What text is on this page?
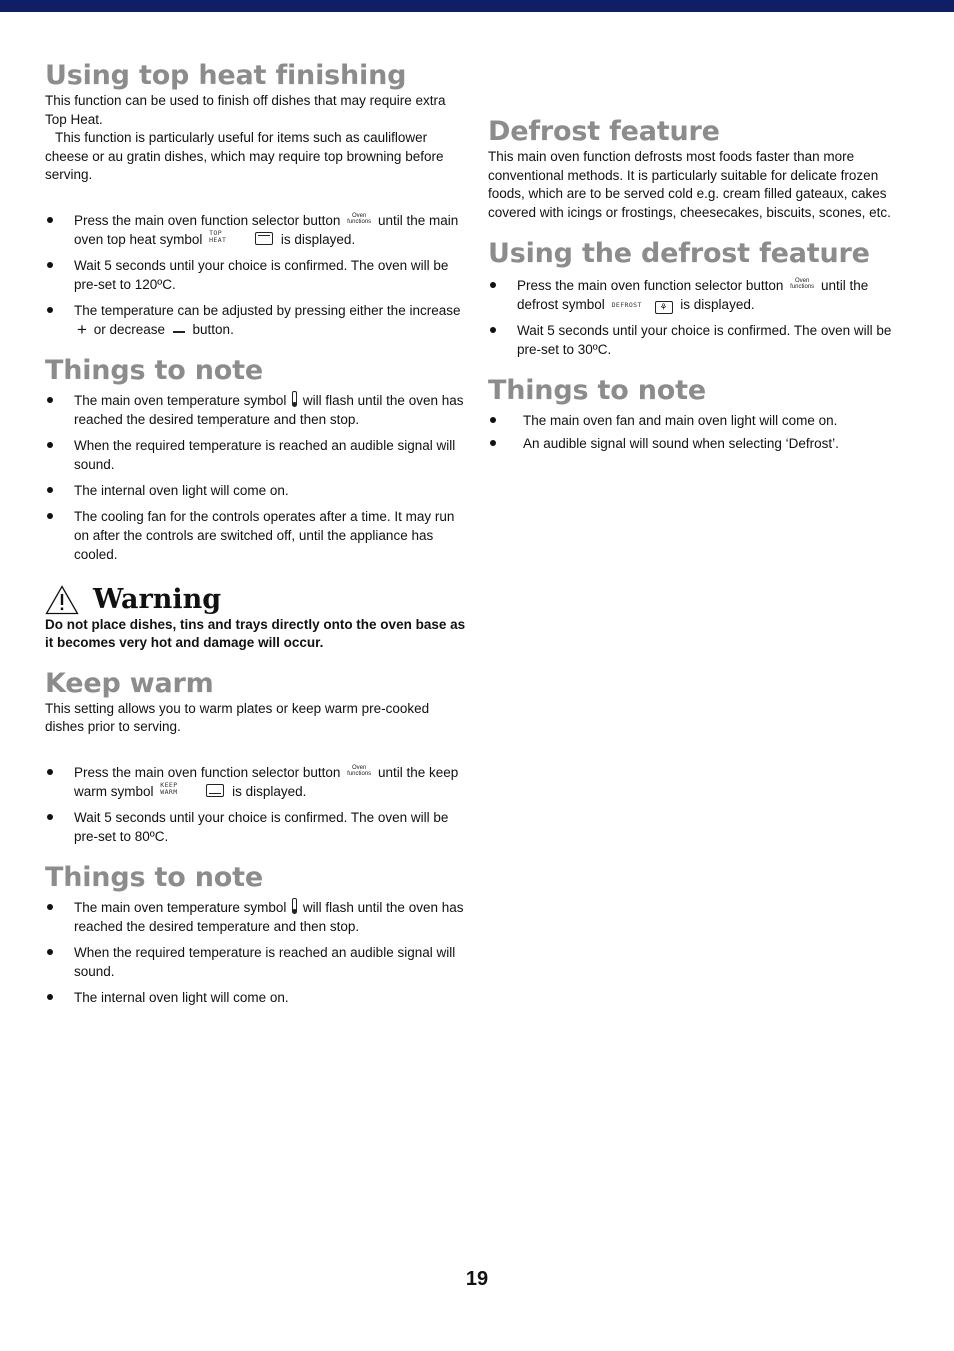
Using top heat finishing

This function can be used to finish off dishes that may require extra Top Heat.

This function is particularly useful for items such as cauliflower cheese or au gratin dishes, which may require top browning before serving.

Press the main oven function selector button	Oven
functions until the main oven top heat symbol TOP
HEAT	is displayed.
Wait 5 seconds until your choice is confirmed. The oven will be pre-set to 120ºC.
The temperature can be adjusted by pressing either the increase + or decrease button.
Things to note
The main oven temperature symbol will flash until the oven has reached the desired temperature and then stop.
When the required temperature is reached an audible signal will sound.
The internal oven light will come on.
The cooling fan for the controls operates after a time. It may run on after the controls are switched off, until the appliance has cooled.
Warning

Do not place dishes, tins and trays directly onto the oven base as it becomes very hot and damage will occur.

Keep warm

This setting allows you to warm plates or keep warm pre-cooked dishes prior to serving.

Press the main oven function selector button	Oven
functions until the keep warm symbol KEEP
WARM	is displayed.
Wait 5 seconds until your choice is confirmed. The oven will be pre-set to 80ºC.
Things to note
The main oven temperature symbol will flash until the oven has reached the desired temperature and then stop.
When the required temperature is reached an audible signal will sound.
The internal oven light will come on.
Defrost feature

This main oven function defrosts most foods faster than more conventional methods. It is particularly suitable for delicate frozen foods, which are to be served cold e.g. cream filled gateaux, cakes covered with icings or frostings, cheesecakes, biscuits, scones, etc.

Using the defrost feature
Press the main oven function selector button	Oven
functions until the defrost symbol DEFROST ⚘ is displayed.
Wait 5 seconds until your choice is confirmed. The oven will be pre-set to 30ºC.
Things to note
The main oven fan and main oven light will come on.
An audible signal will sound when selecting ‘Defrost’.
19
